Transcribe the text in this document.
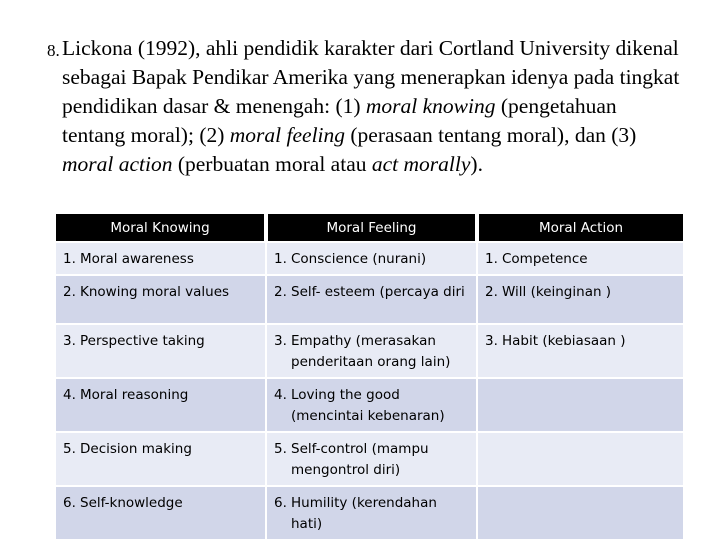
8. Lickona (1992), ahli pendidik karakter dari Cortland University dikenal sebagai Bapak Pendikar Amerika yang menerapkan idenya pada tingkat pendidikan dasar & menengah: (1) moral knowing (pengetahuan tentang moral); (2) moral feeling (perasaan tentang moral), dan (3) moral action (perbuatan moral atau act morally).
Moral Knowing	Moral Feeling	Moral Action

1. Moral awareness	1. Conscience (nurani)	1. Competence

2. Knowing moral values	2. Self- esteem (percaya diri	2. Will (keinginan )

3. Perspective taking	3. Empathy (merasakan penderitaan orang lain)	3. Habit (kebiasaan )

4. Moral reasoning	4. Loving the good (mencintai kebenaran)	

5. Decision making	5. Self-control (mampu mengontrol diri)	

6. Self-knowledge	6. Humility (kerendahan hati)	
